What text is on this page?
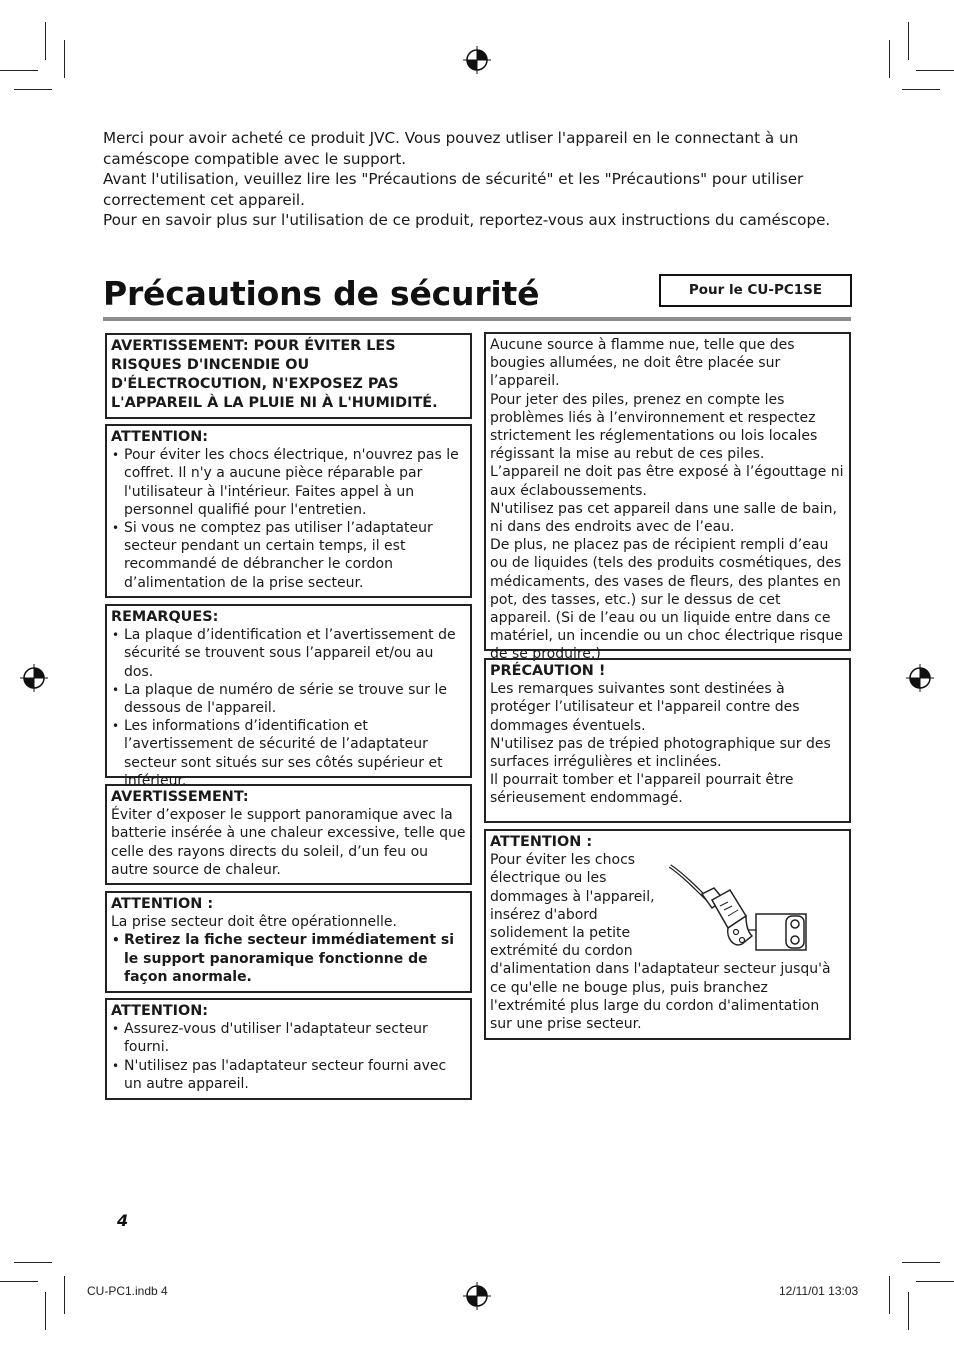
Merci pour avoir acheté ce produit JVC. Vous pouvez utliser l'appareil en le connectant à un caméscope compatible avec le support.

Avant l'utilisation, veuillez lire les "Précautions de sécurité" et les "Précautions" pour utiliser correctement cet appareil.

Pour en savoir plus sur l'utilisation de ce produit, reportez-vous aux instructions du caméscope.

Précautions de sécurité	Pour le CU-PC1SE

AVERTISSEMENT: POUR ÉVITER LES RISQUES D'INCENDIE OU D'ÉLECTROCUTION, N'EXPOSEZ PAS L'APPAREIL À LA PLUIE NI À L'HUMIDITÉ.

ATTENTION:
• Pour éviter les chocs électrique, n'ouvrez pas le coffret. Il n'y a aucune pièce réparable par l'utilisateur à l'intérieur. Faites appel à un personnel qualifié pour l'entretien.
• Si vous ne comptez pas utiliser l’adaptateur secteur pendant un certain temps, il est recommandé de débrancher le cordon d’alimentation de la prise secteur.
REMARQUES:
• La plaque d’identification et l’avertissement de sécurité se trouvent sous l’appareil et/ou au dos.
• La plaque de numéro de série se trouve sur le dessous de l'appareil.
• Les informations d’identification et l’avertissement de sécurité de l’adaptateur secteur sont situés sur ses côtés supérieur et inférieur.
AVERTISSEMENT:

Éviter d’exposer le support panoramique avec la batterie insérée à une chaleur excessive, telle que celle des rayons directs du soleil, d’un feu ou autre source de chaleur.

ATTENTION :

La prise secteur doit être opérationnelle.

• Retirez la fiche secteur immédiatement si le support panoramique fonctionne de façon anormale.
ATTENTION:
• Assurez-vous d'utiliser l'adaptateur secteur fourni.
• N'utilisez pas l'adaptateur secteur fourni avec un autre appareil.

Aucune source à flamme nue, telle que des bougies allumées, ne doit être placée sur l’appareil.

Pour jeter des piles, prenez en compte les problèmes liés à l’environnement et respectez strictement les réglementations ou lois locales régissant la mise au rebut de ces piles.

L’appareil ne doit pas être exposé à l’égouttage ni aux éclaboussements.

N'utilisez pas cet appareil dans une salle de bain, ni dans des endroits avec de l’eau.

De plus, ne placez pas de récipient rempli d’eau ou de liquides (tels des produits cosmétiques, des médicaments, des vases de fleurs, des plantes en pot, des tasses, etc.) sur le dessus de cet appareil. (Si de l’eau ou un liquide entre dans ce matériel, un incendie ou un choc électrique risque de se produire.)

PRÉCAUTION !

Les remarques suivantes sont destinées à protéger l’utilisateur et l'appareil contre des dommages éventuels.

N'utilisez pas de trépied photographique sur des surfaces irrégulières et inclinées.

Il pourrait tomber et l'appareil pourrait être sérieusement endommagé.

ATTENTION :

Pour éviter les chocs électrique ou les dommages à l'appareil, insérez d'abord solidement la petite extrémité du cordon

d'alimentation dans l'adaptateur secteur jusqu'à ce qu'elle ne bouge plus, puis branchez l'extrémité plus large du cordon d'alimentation sur une prise secteur.

4
CU-PC1.indb 4	12/11/01 13:03
